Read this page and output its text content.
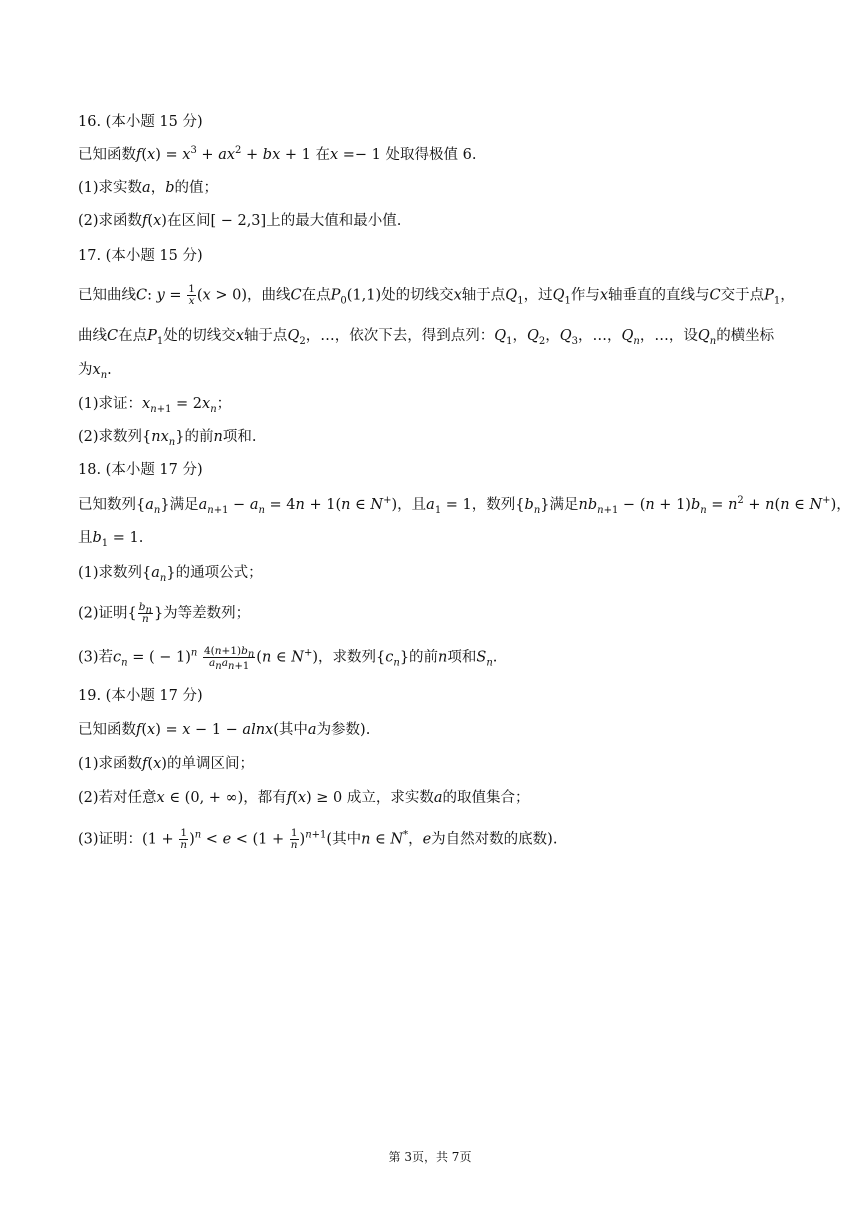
16. (本小题 15 分)
已知函数$f(x) = x^3 + ax^2$ + bx + 1 在x =− 1 处取得极值 6.
(1)求实数a，b的值；
(2)求函数f(x)在区间[ − 2,3]上的最大值和最小值.
17. (本小题 15 分)
已知曲线C: $y = \frac{1}{x} (x > 0)$，曲线C在点$P_0(1,1)$处的切线交x轴于点$Q_1$，过$Q_1$作与x轴垂直的直线与C交于点$P_1$，
曲线C在点$P_1$处的切线交x轴于点$Q_2$，…，依次下去，得到点列：$Q_1$，$Q_2$，$Q_3$，…，$Q_n$，…，设$Q_n$的横坐标
为$x_n$.
(1)求证：$x_{n+1} = 2x_n$；
(2)求数列$\{nx_n\}$的前n项和.
18. (本小题 17 分)
已知数列$\{a_n\}$满足$a_{n+1} - a_n = 4n + 1(n$ ∈ N+)，且$a_1 = 1$，数列$\{b_n\}$满足$nb_{n+1} - (n + 1)b_n = n^2 + n(n$ ∈ N+)，
且$b_1 = 1$.
(1)求数列$\{a_n\}$的通项公式；
(2)证明{ $\frac{b_n}{n}$ }为等差数列；
(3)若$c_n$ = ( − $1)^n \frac{4(n+1)b_n}{a_na_{n+1}} (n$ ∈ N+)，求数列$\{c_n\}$的前n项和$S_n$.
19. (本小题 17 分)
已知函数f(x) = x − 1 − alnx(其中a为参数).
(1)求函数f(x)的单调区间；
(2)若对任意x ∈ (0, + ∞)，都有f(x) ≥ 0 成立，求实数a的取值集合；
(3)证明：$(1 + \frac{1}{n} )^n < e < (1 + \frac{1}{n} )^{n+1}$(其中n ∈ N*，e为自然对数的底数).
第 3页，共 7页
